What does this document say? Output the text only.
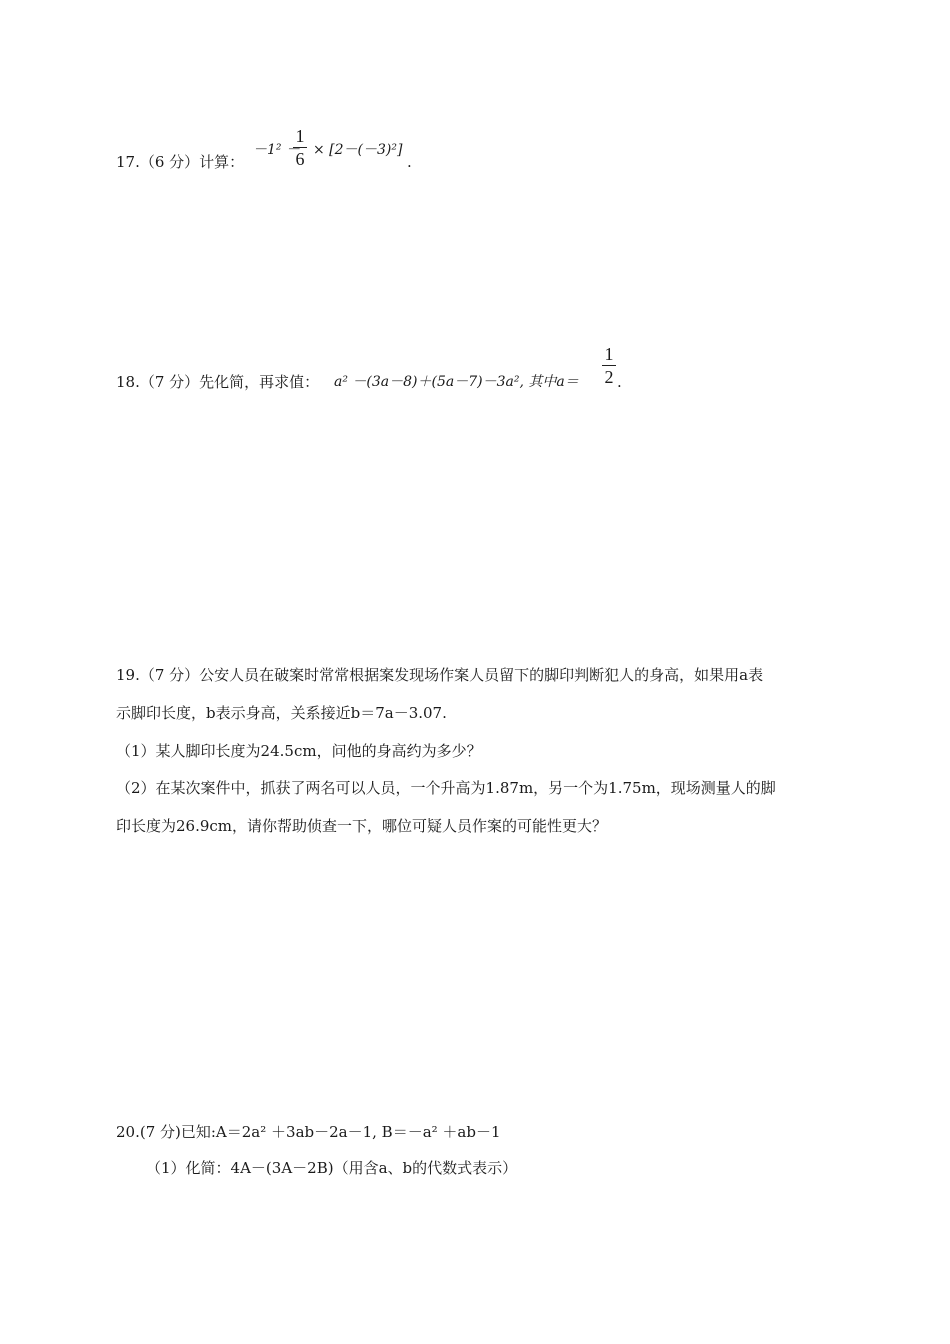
17.（6 分）计算：
－1² －
1
6 × [2－(－3)²]
.
18.（7 分）先化简，再求值： a² －(3a－8)＋(5a－7)－3a², 其中a＝
1
2 .
19.（7 分）公安人员在破案时常常根据案发现场作案人员留下的脚印判断犯人的身高，如果用a表
示脚印长度，b表示身高，关系接近b＝7a－3.07.
（1）某人脚印长度为24.5cm，问他的身高约为多少？
（2）在某次案件中，抓获了两名可以人员，一个升高为1.87m，另一个为1.75m，现场测量人的脚
印长度为26.9cm，请你帮助侦查一下，哪位可疑人员作案的可能性更大？
20.(7 分)已知:A＝2a² ＋3ab－2a－1, B＝－a² ＋ab－1
（1）化简：4A－(3A－2B)（用含a、b的代数式表示）
